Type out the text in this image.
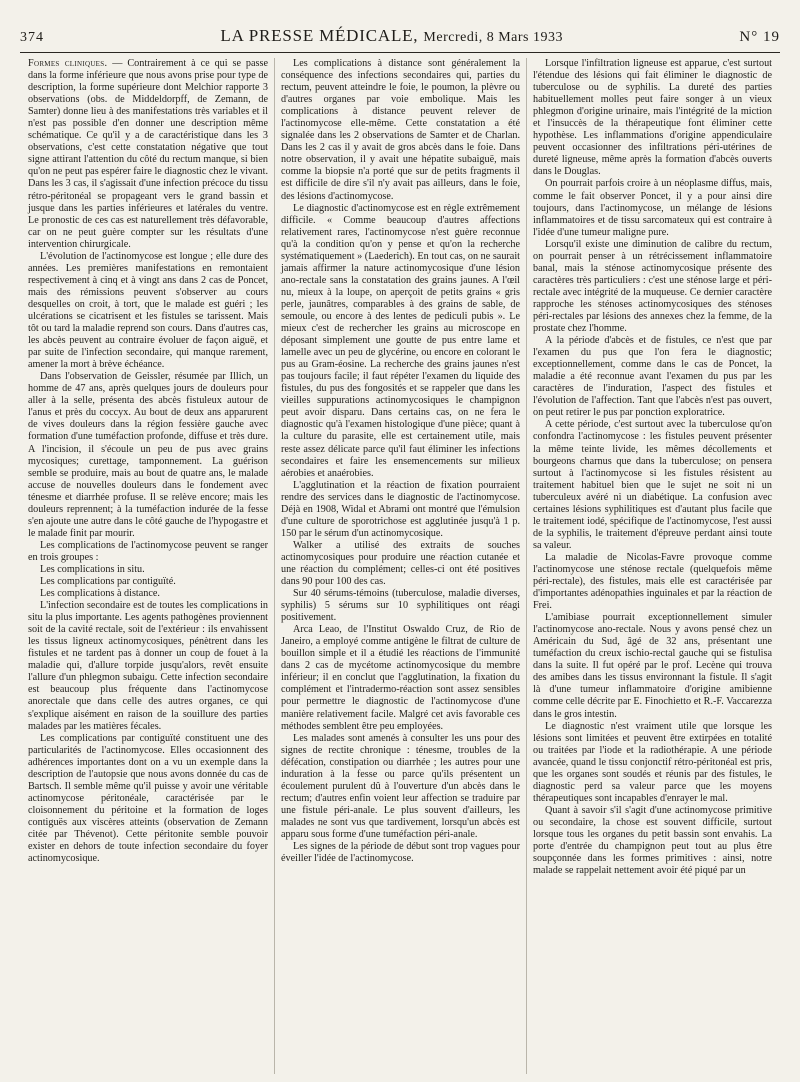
374	LA PRESSE MÉDICALE, Mercredi, 8 Mars 1933	N° 19

Formes cliniques. — Contrairement à ce qui se passe dans la forme inférieure que nous avons prise pour type de description, la forme supérieure dont Melchior rapporte 3 observations (obs. de Middeldorpff, de Zemann, de Samter) donne lieu à des manifestations très variables et il n'est pas possible d'en donner une description même schématique. Ce qu'il y a de caractéristique dans les 3 observations, c'est cette constatation négative que tout signe attirant l'attention du côté du rectum manque, si bien qu'on ne peut pas espérer faire le diagnostic chez le vivant. Dans les 3 cas, il s'agissait d'une infection précoce du tissu rétro-péritonéal se propageant vers le grand bassin et jusque dans les parties inférieures et latérales du ventre. Le pronostic de ces cas est naturellement très défavorable, car on ne peut guère compter sur les résultats d'une intervention chirurgicale.

L'évolution de l'actinomycose est longue ; elle dure des années. Les premières manifestations en remontaient respectivement à cinq et à vingt ans dans 2 cas de Poncet, mais des rémissions peuvent s'observer au cours desquelles on croit, à tort, que le malade est guéri ; les ulcérations se cicatrisent et les fistules se tarissent. Mais tôt ou tard la maladie reprend son cours. Dans d'autres cas, les abcès peuvent au contraire évoluer de façon aiguë, et par suite de l'infection secondaire, qui manque rarement, amener la mort à brève échéance.

Dans l'observation de Geissler, résumée par Illich, un homme de 47 ans, après quelques jours de douleurs pour aller à la selle, présenta des abcès fistuleux autour de l'anus et près du coccyx. Au bout de deux ans apparurent de vives douleurs dans la région fessière gauche avec formation d'une tuméfaction profonde, diffuse et très dure. A l'incision, il s'écoule un peu de pus avec grains mycosiques; curettage, tamponnement. La guérison semble se produire, mais au bout de quatre ans, le malade accuse de nouvelles douleurs dans le fondement avec ténesme et diarrhée profuse. Il se relève encore; mais les douleurs reprennent; à la tuméfaction indurée de la fesse s'en ajoute une autre dans le côté gauche de l'hypogastre et le malade finit par mourir.

Les complications de l'actinomycose peuvent se ranger en trois groupes :

Les complications in situ.

Les complications par contiguïté.

Les complications à distance.

L'infection secondaire est de toutes les complications in situ la plus importante. Les agents pathogènes proviennent soit de la cavité rectale, soit de l'extérieur : ils envahissent les tissus ligneux actinomycosiques, pénètrent dans les fistules et ne tardent pas à donner un coup de fouet à la maladie qui, d'allure torpide jusqu'alors, revêt ensuite l'allure d'un phlegmon subaigu. Cette infection secondaire est beaucoup plus fréquente dans l'actinomycose anorectale que dans celle des autres organes, ce qui s'explique aisément en raison de la souillure des parties malades par les matières fécales.

Les complications par contiguïté constituent une des particularités de l'actinomycose. Elles occasionnent des adhérences importantes dont on a vu un exemple dans la description de l'autopsie que nous avons donnée du cas de Bartsch. Il semble même qu'il puisse y avoir une véritable actinomycose péritonéale, caractérisée par le cloisonnement du péritoine et la formation de loges contiguës aux viscères atteints (observation de Zemann citée par Thévenot). Cette péritonite semble pouvoir exister en dehors de toute infection secondaire du foyer actinomycosique.

Les complications à distance sont généralement la conséquence des infections secondaires qui, parties du rectum, peuvent atteindre le foie, le poumon, la plèvre ou d'autres organes par voie embolique. Mais les complications à distance peuvent relever de l'actinomycose elle-même. Cette constatation a été signalée dans les 2 observations de Samter et de Charlan. Dans les 2 cas il y avait de gros abcès dans le foie. Dans notre observation, il y avait une hépatite subaiguë, mais comme la biopsie n'a porté que sur de petits fragments il est difficile de dire s'il n'y avait pas ailleurs, dans le foie, des lésions d'actinomycose.

Le diagnostic d'actinomycose est en règle extrêmement difficile. « Comme beaucoup d'autres affections relativement rares, l'actinomycose n'est guère reconnue qu'à la condition qu'on y pense et qu'on la recherche systématiquement » (Laederich). En tout cas, on ne saurait jamais affirmer la nature actinomycosique d'une lésion ano-rectale sans la constatation des grains jaunes. A l'œil nu, mieux à la loupe, on aperçoit de petits grains « gris perle, jaunâtres, comparables à des grains de sable, de semoule, ou encore à des lentes de pediculi pubis ». Le mieux c'est de rechercher les grains au microscope en déposant simplement une goutte de pus entre lame et lamelle avec un peu de glycérine, ou encore en colorant le pus au Gram-éosine. La recherche des grains jaunes n'est pas toujours facile; il faut répéter l'examen du liquide des fistules, du pus des fongosités et se rappeler que dans les vieilles suppurations actinomycosiques le champignon peut avoir disparu. Dans certains cas, on ne fera le diagnostic qu'à l'examen histologique d'une pièce; quant à la culture du parasite, elle est certainement utile, mais reste assez délicate parce qu'il faut éliminer les infections secondaires et faire les ensemencements sur milieux aérobies et anaérobies.

L'agglutination et la réaction de fixation pourraient rendre des services dans le diagnostic de l'actinomycose. Déjà en 1908, Widal et Abrami ont montré que l'émulsion d'une culture de sporotrichose est agglutinée jusqu'à 1 p. 150 par le sérum d'un actinomycosique.

Walker a utilisé des extraits de souches actinomycosiques pour produire une réaction cutanée et une réaction du complément; celles-ci ont été positives dans 90 pour 100 des cas.

Sur 40 sérums-témoins (tuberculose, maladie diverses, syphilis) 5 sérums sur 10 syphilitiques ont réagi positivement.

Arca Leao, de l'Institut Oswaldo Cruz, de Rio de Janeiro, a employé comme antigène le filtrat de culture de bouillon simple et il a étudié les réactions de l'immunité dans 2 cas de mycétome actinomycosique du membre inférieur; il en conclut que l'agglutination, la fixation du complément et l'intradermo-réaction sont assez sensibles pour permettre le diagnostic de l'actinomycose d'une manière relativement facile. Malgré cet avis favorable ces méthodes semblent être peu employées.

Les malades sont amenés à consulter les uns pour des signes de rectite chronique : ténesme, troubles de la défécation, constipation ou diarrhée ; les autres pour une induration à la fesse ou parce qu'ils présentent un écoulement purulent dû à l'ouverture d'un abcès dans le rectum; d'autres enfin voient leur affection se traduire par une fistule péri-anale. Le plus souvent d'ailleurs, les malades ne sont vus que tardivement, lorsqu'un abcès est apparu sous forme d'une tuméfaction péri-anale.

Les signes de la période de début sont trop vagues pour éveiller l'idée de l'actinomycose.

Lorsque l'infiltration ligneuse est apparue, c'est surtout l'étendue des lésions qui fait éliminer le diagnostic de tuberculose ou de syphilis. La dureté des parties habituellement molles peut faire songer à un vieux phlegmon d'origine urinaire, mais l'intégrité de la miction et l'insuccès de la thérapeutique font éliminer cette hypothèse. Les inflammations d'origine appendiculaire peuvent occasionner des infiltrations péri-utérines de dureté ligneuse, même après la formation d'abcès ouverts dans le Douglas.

On pourrait parfois croire à un néoplasme diffus, mais, comme le fait observer Poncet, il y a pour ainsi dire toujours, dans l'actinomycose, un mélange de lésions inflammatoires et de tissu sarcomateux qui est contraire à l'idée d'une tumeur maligne pure.

Lorsqu'il existe une diminution de calibre du rectum, on pourrait penser à un rétrécissement inflammatoire banal, mais la sténose actinomycosique présente des caractères très particuliers : c'est une sténose large et péri-rectale avec intégrité de la muqueuse. Ce dernier caractère rapproche les sténoses actinomycosiques des sténoses péri-rectales par lésions des annexes chez la femme, de la prostate chez l'homme.

A la période d'abcès et de fistules, ce n'est que par l'examen du pus que l'on fera le diagnostic; exceptionnellement, comme dans le cas de Poncet, la maladie a été reconnue avant l'examen du pus par les caractères de l'induration, l'aspect des fistules et l'évolution de l'affection. Tant que l'abcès n'est pas ouvert, on peut retirer le pus par ponction exploratrice.

A cette période, c'est surtout avec la tuberculose qu'on confondra l'actinomycose : les fistules peuvent présenter la même teinte livide, les mêmes décollements et bourgeons charnus que dans la tuberculose; on pensera surtout à l'actinomycose si les fistules résistent au traitement habituel bien que le sujet ne soit ni un tuberculeux avéré ni un diabétique. La confusion avec certaines lésions syphilitiques est d'autant plus facile que le traitement iodé, spécifique de l'actinomycose, l'est aussi de la syphilis, le traitement d'épreuve perdant ainsi toute sa valeur.

La maladie de Nicolas-Favre provoque comme l'actinomycose une sténose rectale (quelquefois même péri-rectale), des fistules, mais elle est caractérisée par d'importantes adénopathies inguinales et par la réaction de Frei.

L'amibiase pourrait exceptionnellement simuler l'actinomycose ano-rectale. Nous y avons pensé chez un Américain du Sud, âgé de 32 ans, présentant une tuméfaction du creux ischio-rectal gauche qui se fistulisa dans la suite. Il fut opéré par le prof. Lecène qui trouva des amibes dans les tissus environnant la fistule. Il s'agit là d'une tumeur inflammatoire d'origine amibienne comme celle décrite par E. Finochietto et R.-F. Vaccarezza dans le gros intestin.

Le diagnostic n'est vraiment utile que lorsque les lésions sont limitées et peuvent être extirpées en totalité ou traitées par l'iode et la radiothérapie. A une période avancée, quand le tissu conjonctif rétro-péritonéal est pris, que les organes sont soudés et réunis par des fistules, le diagnostic perd sa valeur parce que les moyens thérapeutiques sont incapables d'enrayer le mal.

Quant à savoir s'il s'agit d'une actinomycose primitive ou secondaire, la chose est souvent difficile, surtout lorsque tous les organes du petit bassin sont envahis. La porte d'entrée du champignon peut tout au plus être soupçonnée dans les formes primitives : ainsi, notre malade se rappelait nettement avoir été piqué par un
